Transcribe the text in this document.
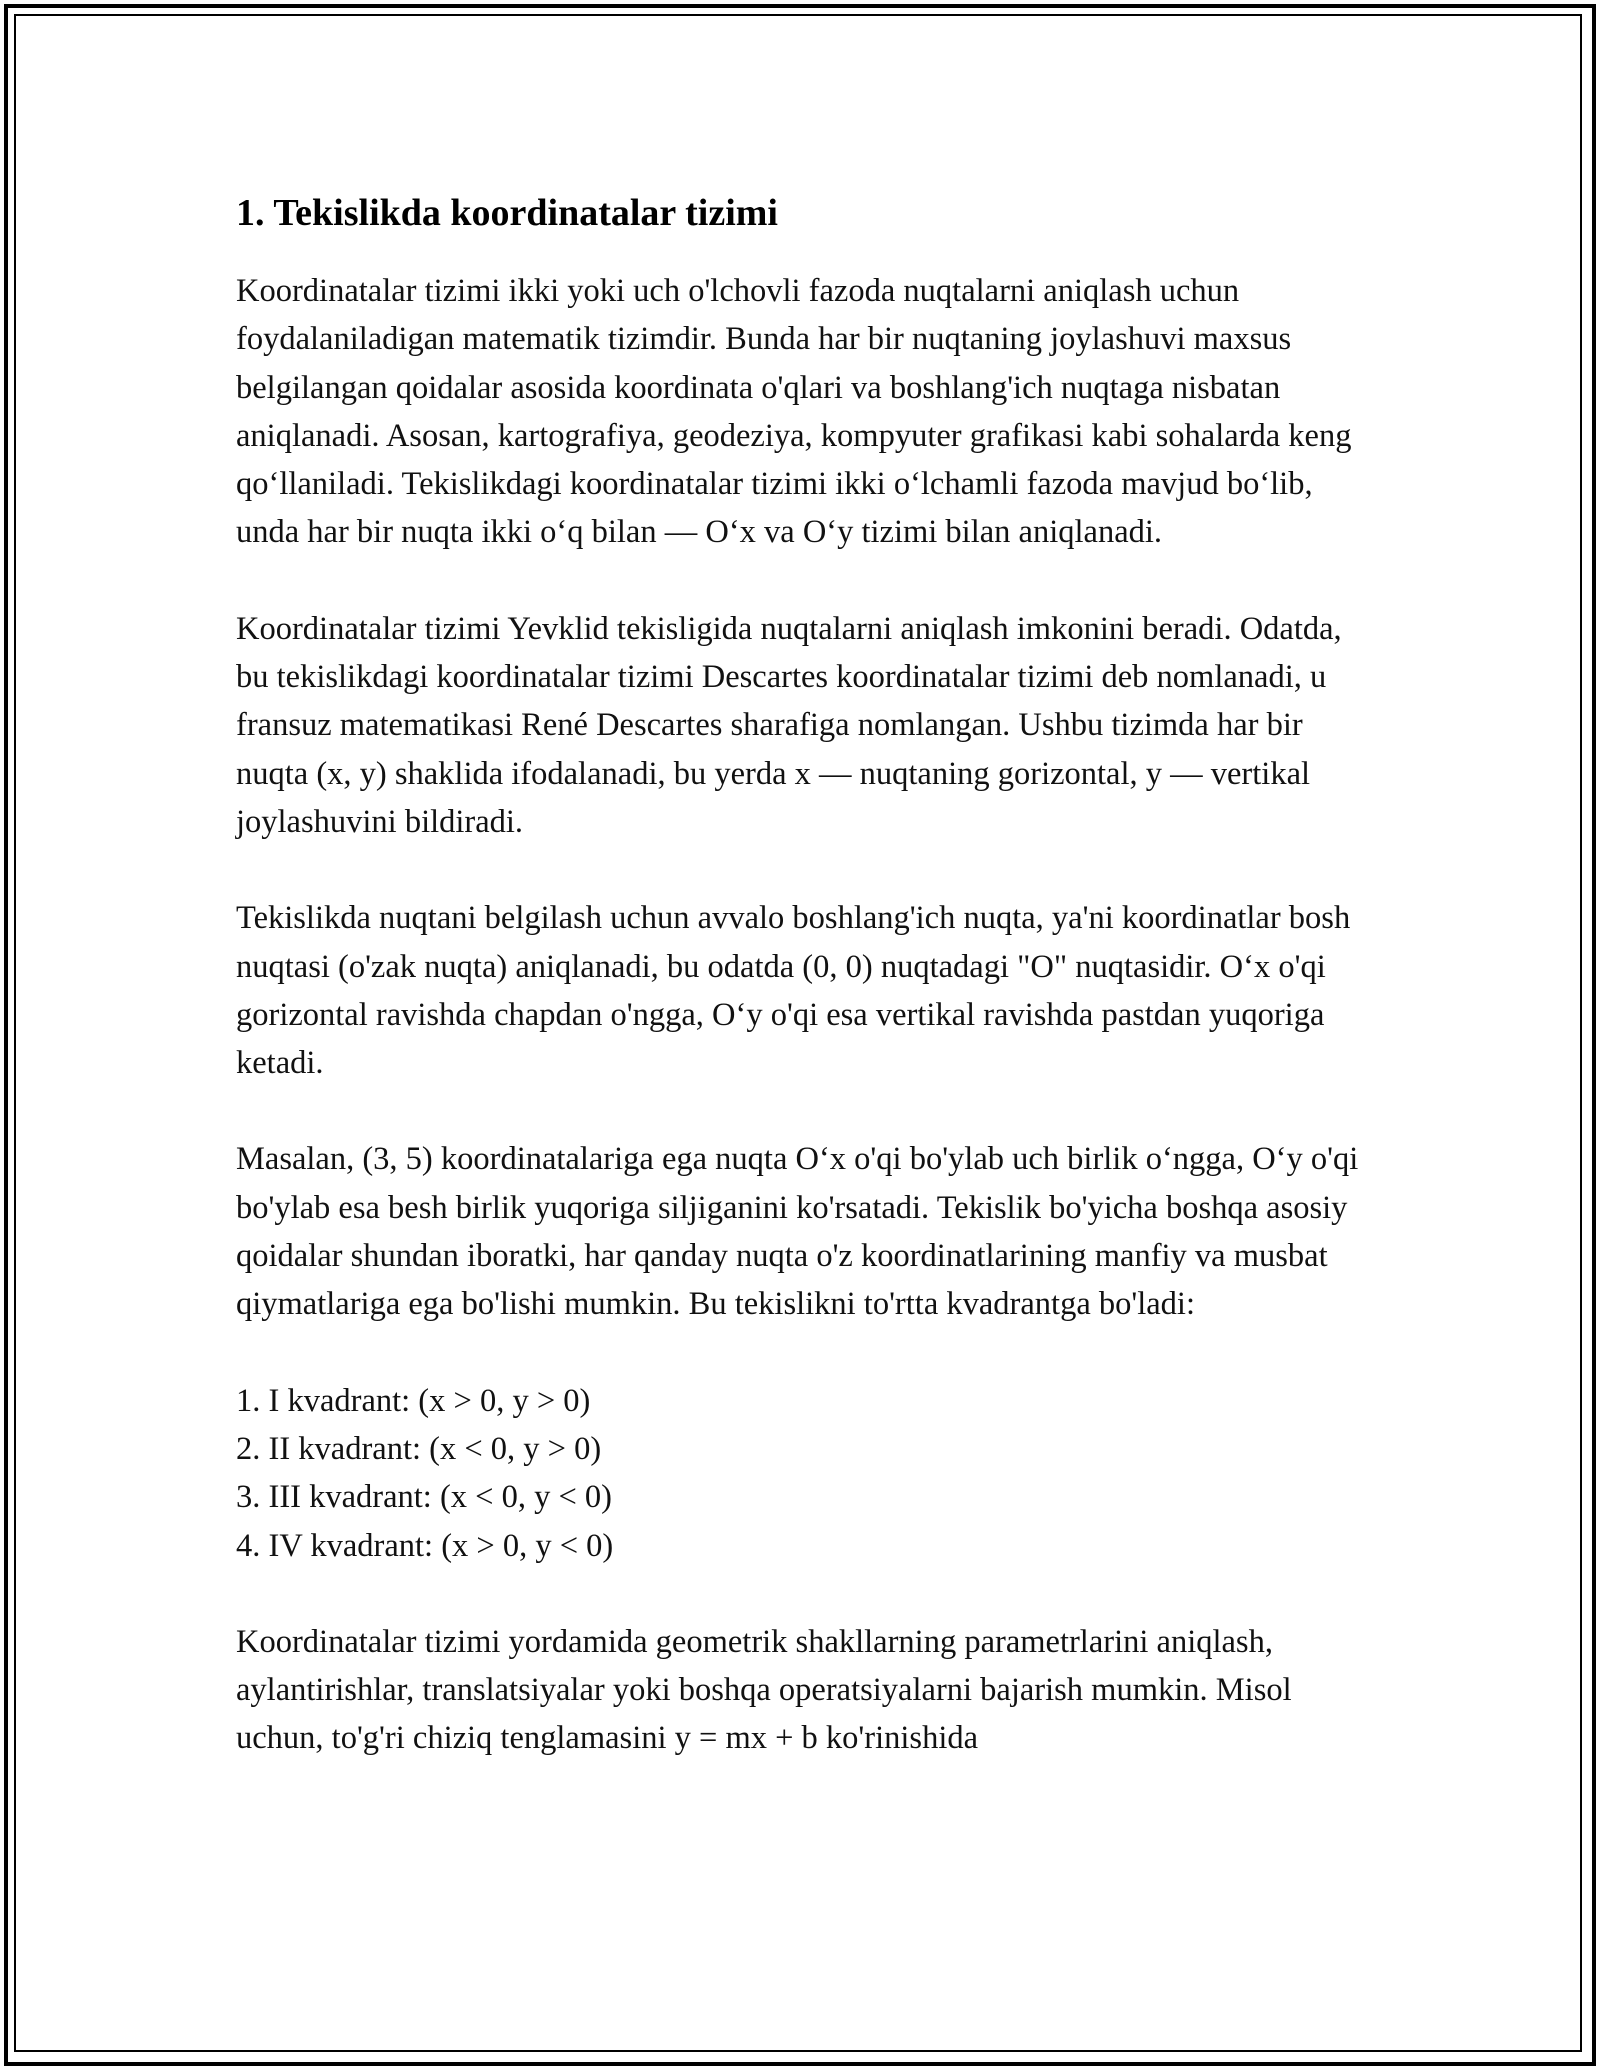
1. Tekislikda koordinatalar tizimi

Koordinatalar tizimi ikki yoki uch o'lchovli fazoda nuqtalarni aniqlash uchun foydalaniladigan matematik tizimdir. Bunda har bir nuqtaning joylashuvi maxsus belgilangan qoidalar asosida koordinata o'qlari va boshlang'ich nuqtaga nisbatan aniqlanadi. Asosan, kartografiya, geodeziya, kompyuter grafikasi kabi sohalarda keng qo‘llaniladi. Tekislikdagi koordinatalar tizimi ikki o‘lchamli fazoda mavjud bo‘lib, unda har bir nuqta ikki o‘q bilan — O‘x va O‘y tizimi bilan aniqlanadi.

Koordinatalar tizimi Yevklid tekisligida nuqtalarni aniqlash imkonini beradi. Odatda, bu tekislikdagi koordinatalar tizimi Descartes koordinatalar tizimi deb nomlanadi, u fransuz matematikasi René Descartes sharafiga nomlangan. Ushbu tizimda har bir nuqta (x, y) shaklida ifodalanadi, bu yerda x — nuqtaning gorizontal, y — vertikal joylashuvini bildiradi.

Tekislikda nuqtani belgilash uchun avvalo boshlang'ich nuqta, ya'ni koordinatlar bosh nuqtasi (o'zak nuqta) aniqlanadi, bu odatda (0, 0) nuqtadagi "O" nuqtasidir. O‘x o'qi gorizontal ravishda chapdan o'ngga, O‘y o'qi esa vertikal ravishda pastdan yuqoriga ketadi.

Masalan, (3, 5) koordinatalariga ega nuqta O‘x o'qi bo'ylab uch birlik o‘ngga, O‘y o'qi bo'ylab esa besh birlik yuqoriga siljiganini ko'rsatadi. Tekislik bo'yicha boshqa asosiy qoidalar shundan iboratki, har qanday nuqta o'z koordinatlarining manfiy va musbat qiymatlariga ega bo'lishi mumkin. Bu tekislikni to'rtta kvadrantga bo'ladi:

1. I kvadrant: (x > 0, y > 0)
2. II kvadrant: (x < 0, y > 0)
3. III kvadrant: (x < 0, y < 0)
4. IV kvadrant: (x > 0, y < 0)

Koordinatalar tizimi yordamida geometrik shakllarning parametrlarini aniqlash, aylantirishlar, translatsiyalar yoki boshqa operatsiyalarni bajarish mumkin. Misol uchun, to'g'ri chiziq tenglamasini y = mx + b ko'rinishida
